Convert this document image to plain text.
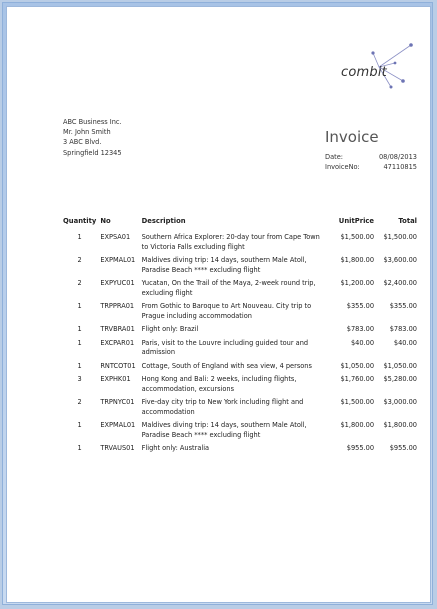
combit
ABC Business Inc.
Mr. John Smith
3 ABC Blvd.
Springfield 12345
Invoice
Date:	08/08/2013
InvoiceNo:	47110815
Quantity	No	Description	UnitPrice	Total
1	EXPSA01	Southern Africa Explorer: 20-day tour from Cape Town to Victoria Falls excluding flight	$1,500.00	$1,500.00
2	EXPMAL01	Maldives diving trip: 14 days, southern Male Atoll, Paradise Beach **** excluding flight	$1,800.00	$3,600.00
2	EXPYUC01	Yucatan, On the Trail of the Maya, 2-week round trip, excluding flight	$1,200.00	$2,400.00
1	TRPPRA01	From Gothic to Baroque to Art Nouveau. City trip to Prague including accommodation	$355.00	$355.00
1	TRVBRA01	Flight only: Brazil	$783.00	$783.00
1	EXCPAR01	Paris, visit to the Louvre including guided tour and admission	$40.00	$40.00
1	RNTCOT01	Cottage, South of England with sea view, 4 persons	$1,050.00	$1,050.00
3	EXPHK01	Hong Kong and Bali: 2 weeks, including flights, accommodation, excursions	$1,760.00	$5,280.00
2	TRPNYC01	Five-day city trip to New York including flight and accommodation	$1,500.00	$3,000.00
1	EXPMAL01	Maldives diving trip: 14 days, southern Male Atoll, Paradise Beach **** excluding flight	$1,800.00	$1,800.00
1	TRVAUS01	Flight only: Australia	$955.00	$955.00
